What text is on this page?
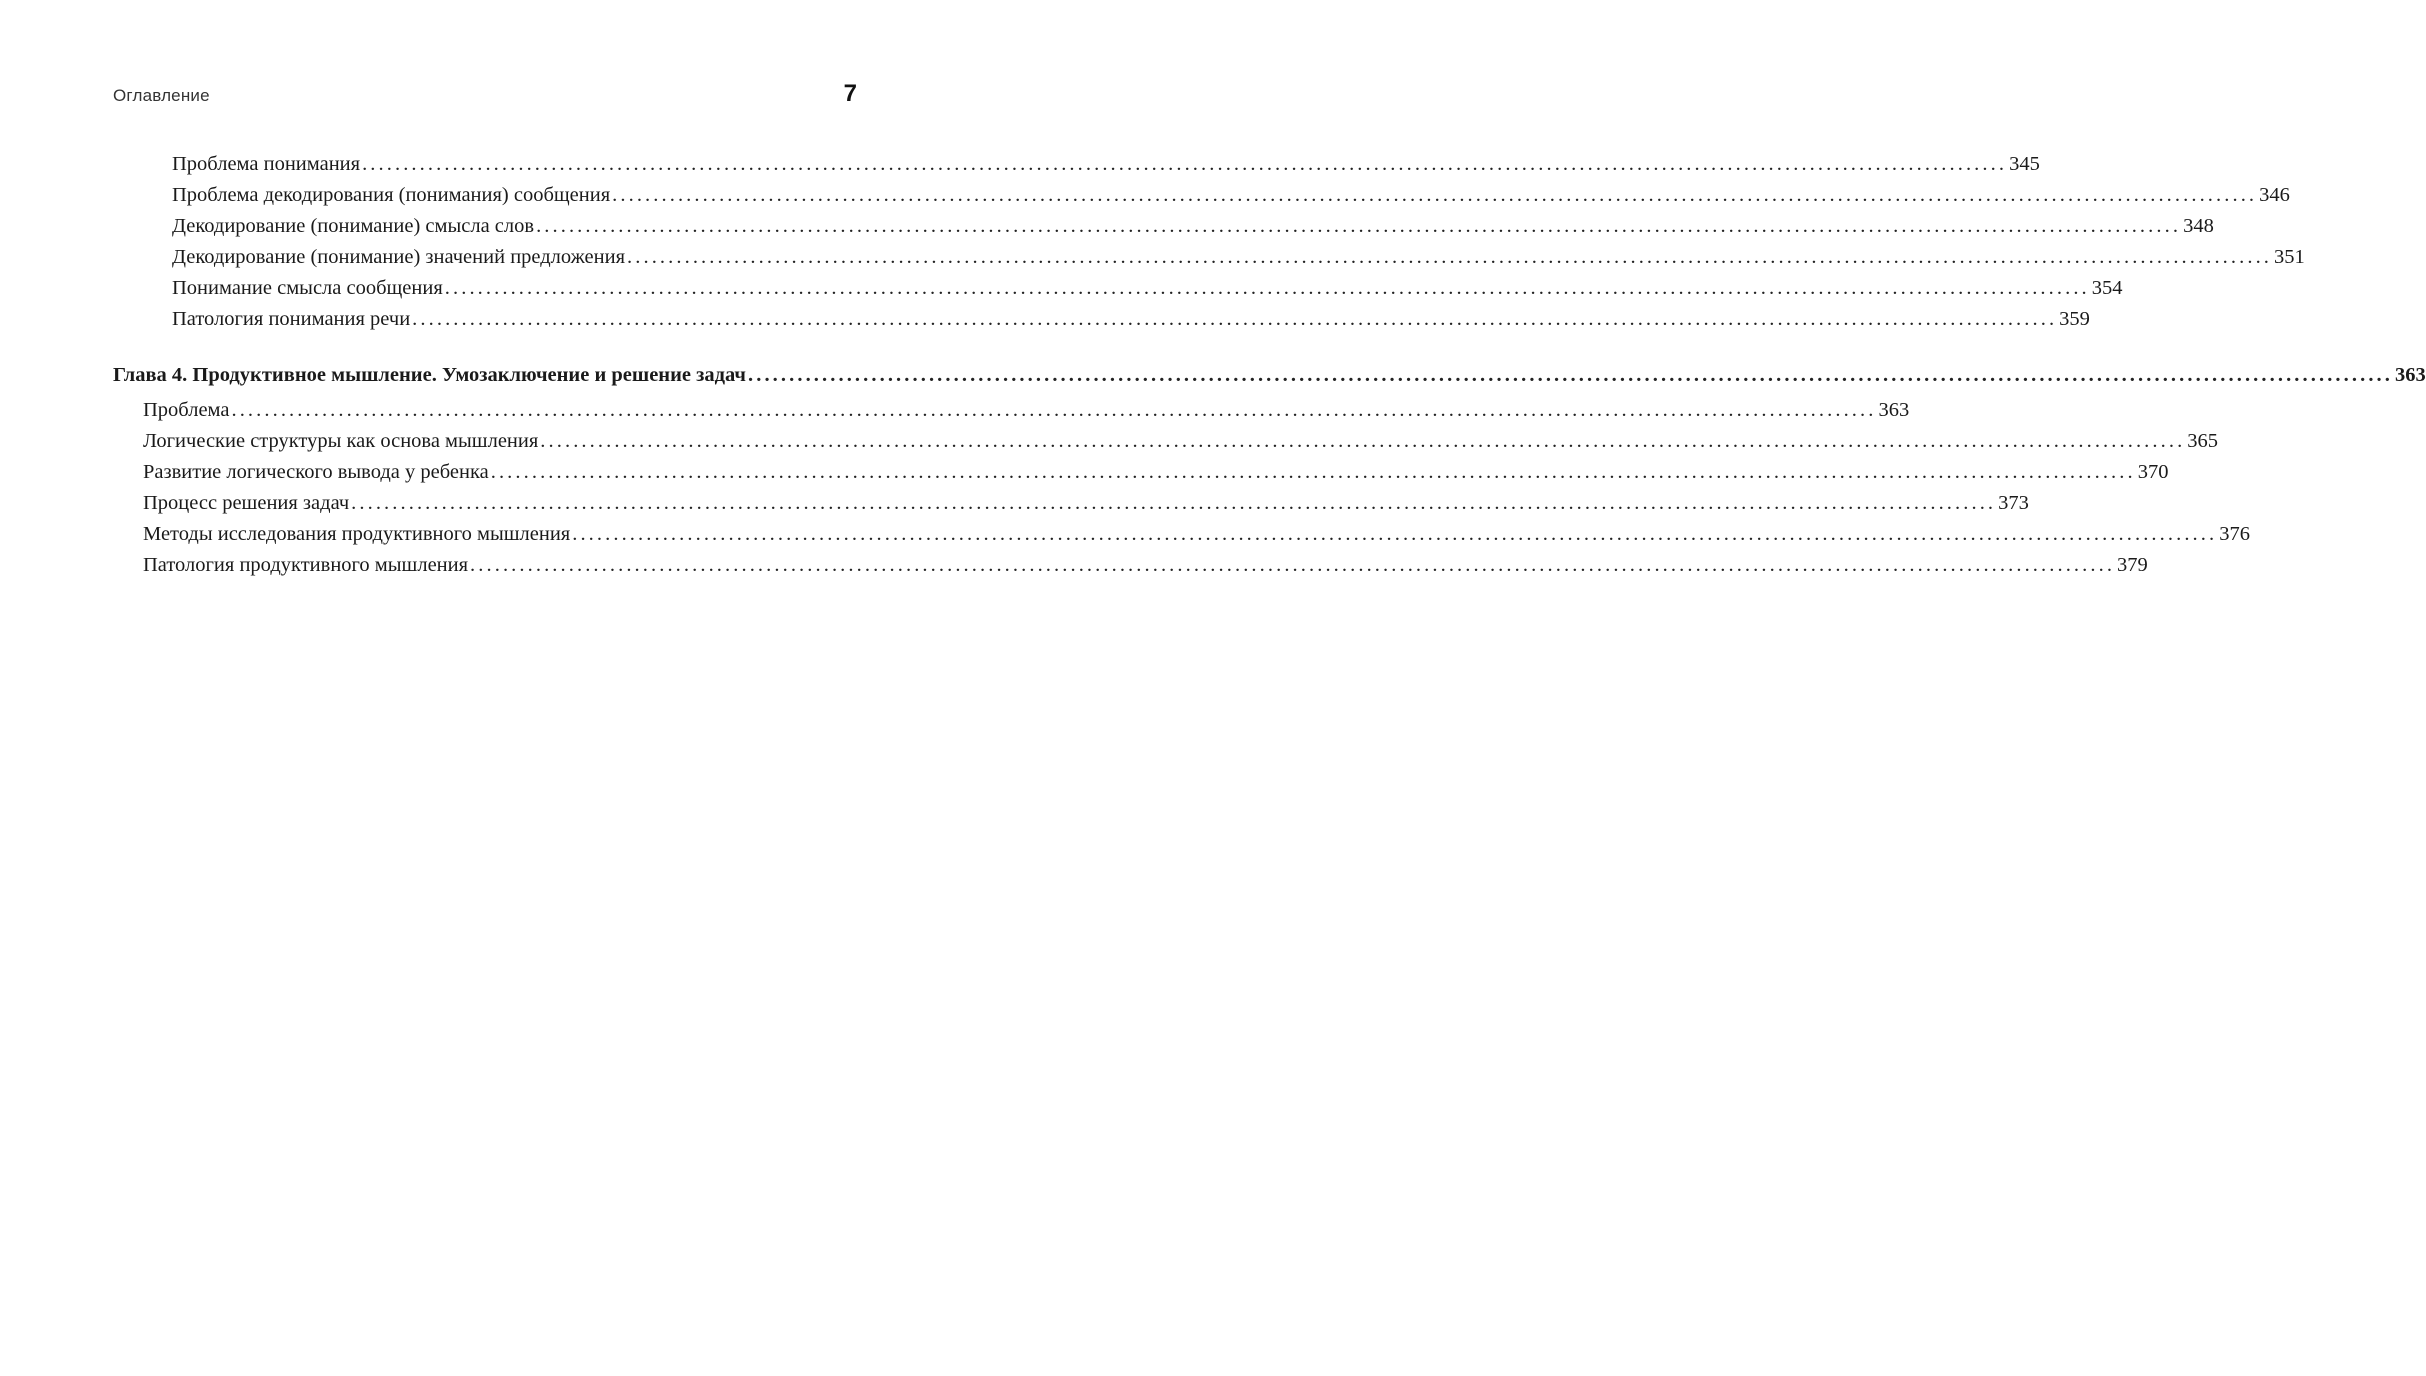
Оглавление	7
Проблема понимания ........................................................................................................................................................................................................ 345
Проблема декодирования (понимания) сообщения ........................................................................................................................................................................................................ 346
Декодирование (понимание) смысла слов ........................................................................................................................................................................................................ 348
Декодирование (понимание) значений предложения ........................................................................................................................................................................................................ 351
Понимание смысла сообщения ........................................................................................................................................................................................................ 354
Патология понимания речи ........................................................................................................................................................................................................ 359
Глава 4. Продуктивное мышление. Умозаключение и решение задач ........................................................................................................................................................................................................ 363
Проблема ........................................................................................................................................................................................................ 363
Логические структуры как основа мышления ........................................................................................................................................................................................................ 365
Развитие логического вывода у ребенка ........................................................................................................................................................................................................ 370
Процесс решения задач ........................................................................................................................................................................................................ 373
Методы исследования продуктивного мышления ........................................................................................................................................................................................................ 376
Патология продуктивного мышления ........................................................................................................................................................................................................ 379
